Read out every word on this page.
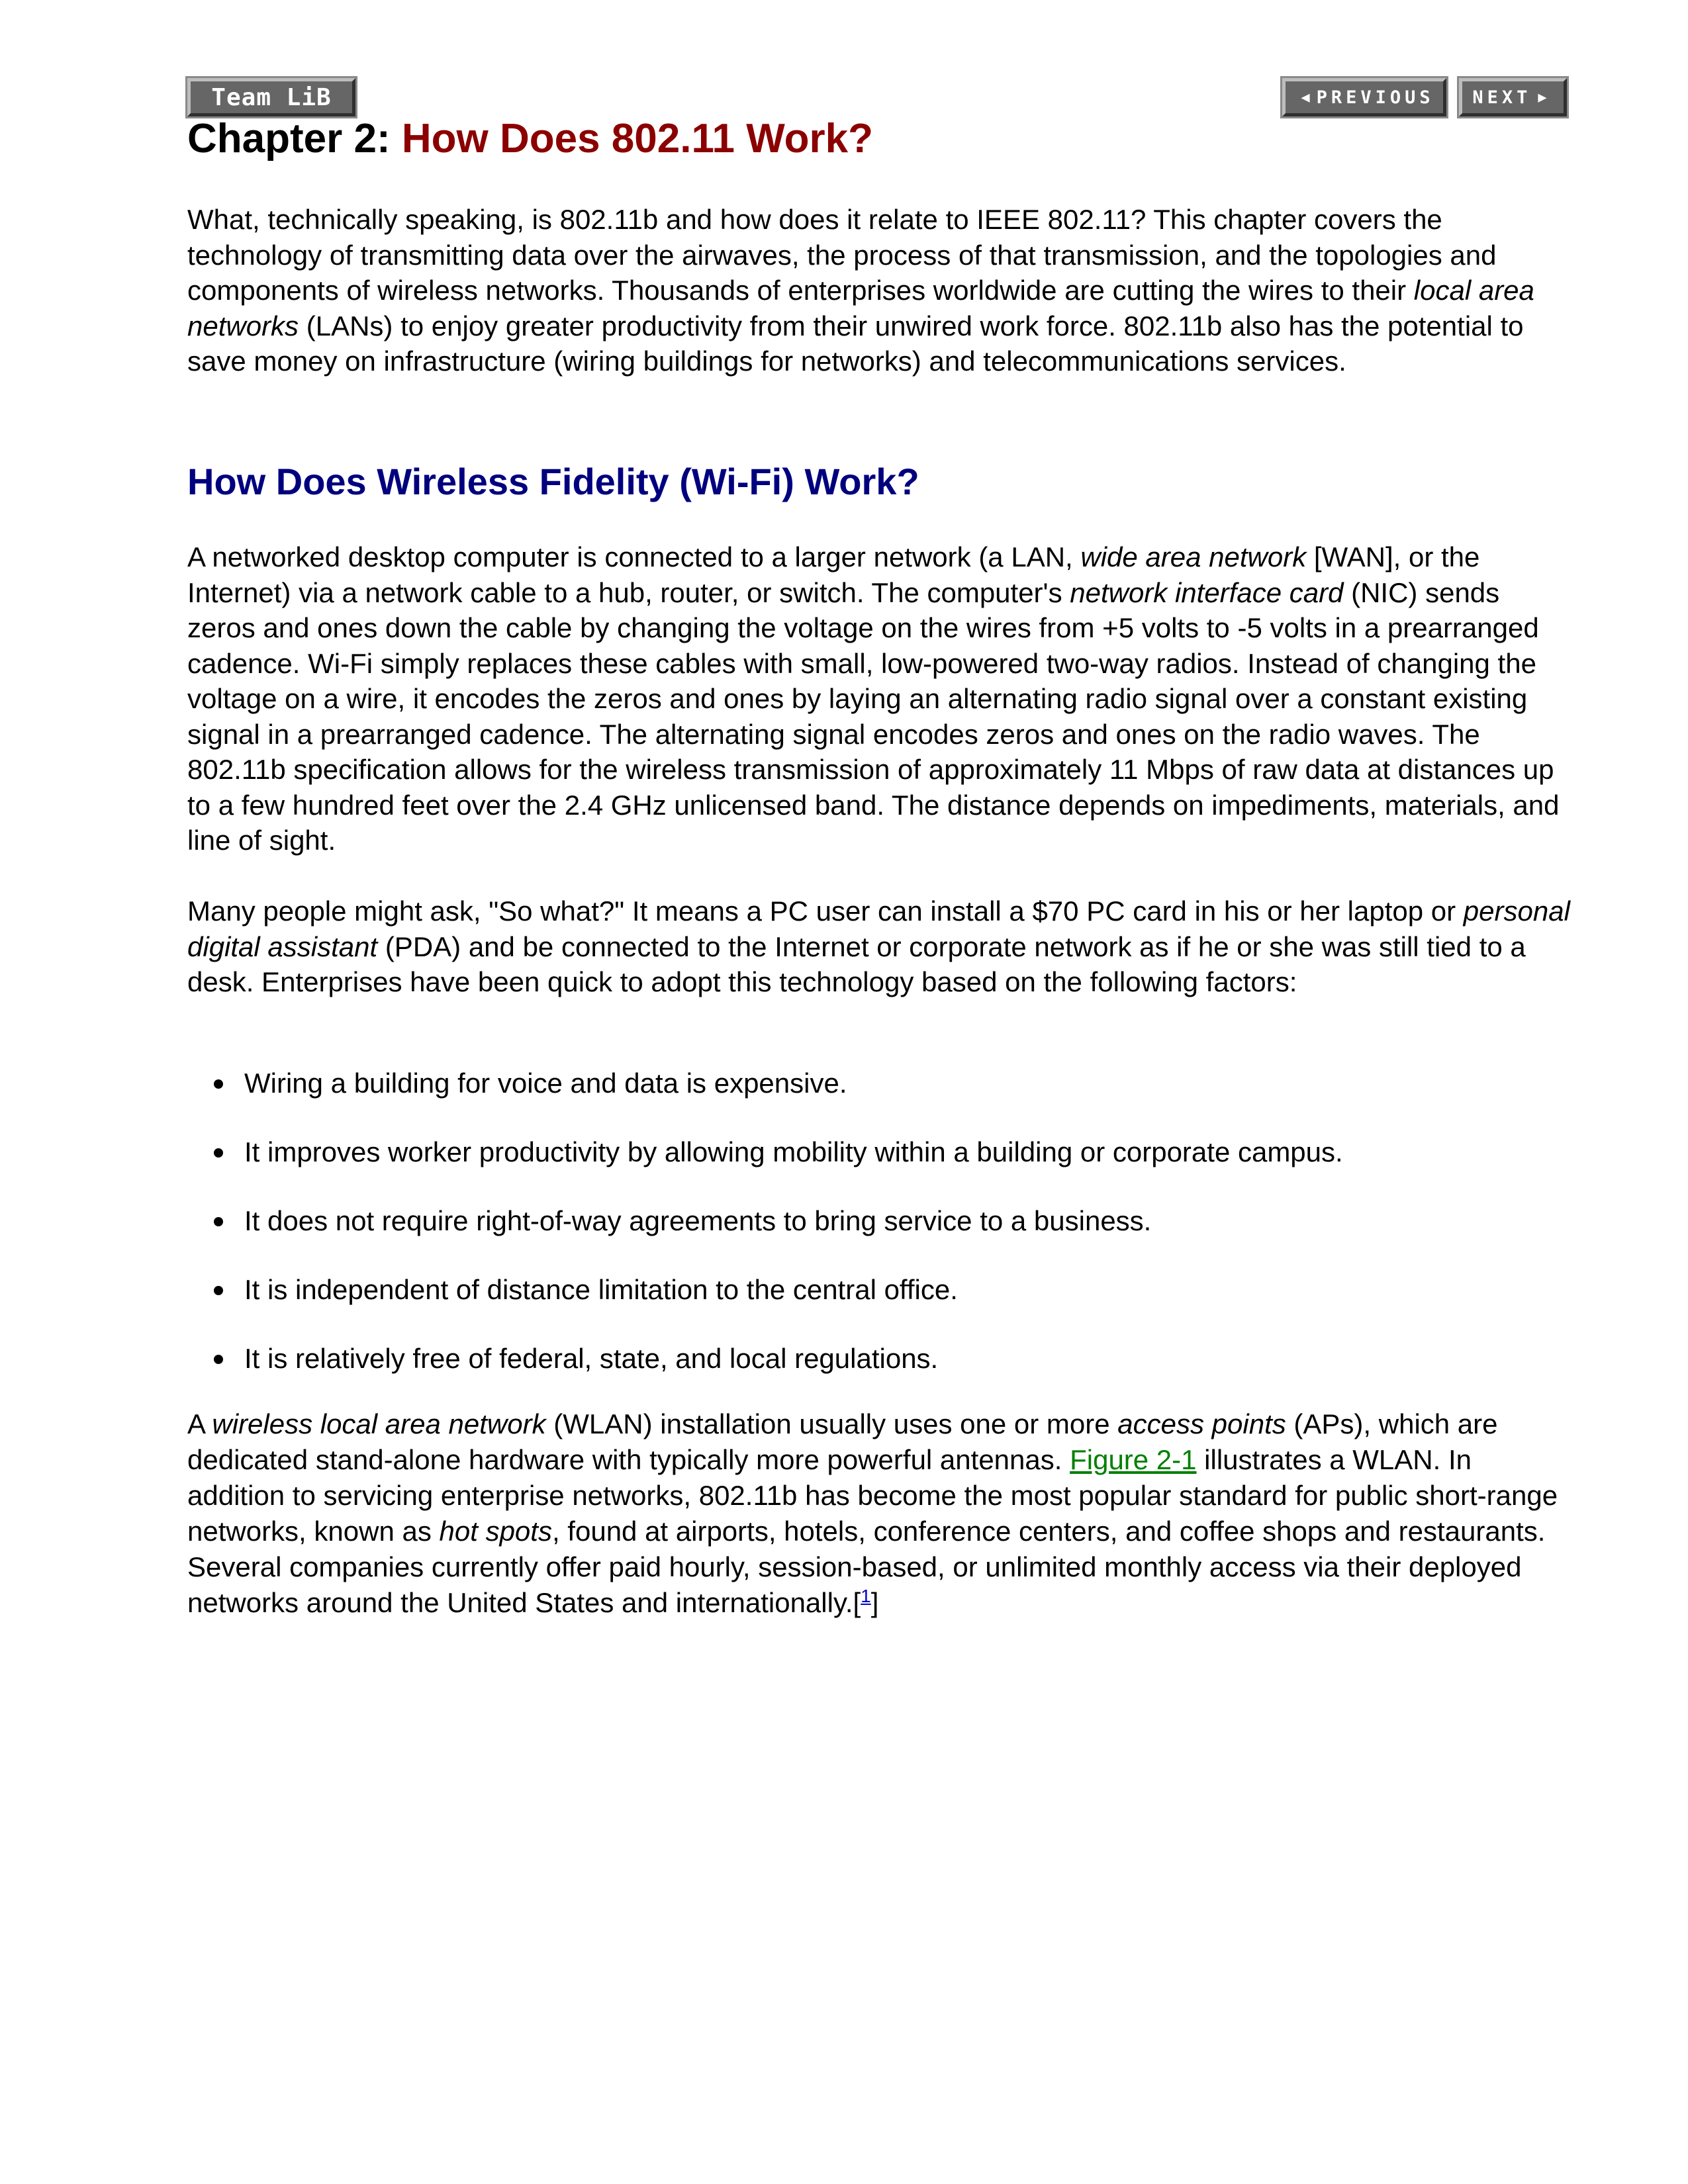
Team LiB	◀ PREVIOUS NEXT ▶
Chapter 2: How Does 802.11 Work?

What, technically speaking, is 802.11b and how does it relate to IEEE 802.11? This chapter covers the technology of transmitting data over the airwaves, the process of that transmission, and the topologies and components of wireless networks. Thousands of enterprises worldwide are cutting the wires to their local area networks (LANs) to enjoy greater productivity from their unwired work force. 802.11b also has the potential to save money on infrastructure (wiring buildings for networks) and telecommunications services.

How Does Wireless Fidelity (Wi-Fi) Work?

A networked desktop computer is connected to a larger network (a LAN, wide area network [WAN], or the Internet) via a network cable to a hub, router, or switch. The computer's network interface card (NIC) sends zeros and ones down the cable by changing the voltage on the wires from +5 volts to -5 volts in a prearranged cadence. Wi-Fi simply replaces these cables with small, low-powered two-way radios. Instead of changing the voltage on a wire, it encodes the zeros and ones by laying an alternating radio signal over a constant existing signal in a prearranged cadence. The alternating signal encodes zeros and ones on the radio waves. The 802.11b specification allows for the wireless transmission of approximately 11 Mbps of raw data at distances up to a few hundred feet over the 2.4 GHz unlicensed band. The distance depends on impediments, materials, and line of sight.

Many people might ask, "So what?" It means a PC user can install a $70 PC card in his or her laptop or personal digital assistant (PDA) and be connected to the Internet or corporate network as if he or she was still tied to a desk. Enterprises have been quick to adopt this technology based on the following factors:

Wiring a building for voice and data is expensive.
It improves worker productivity by allowing mobility within a building or corporate campus.
It does not require right-of-way agreements to bring service to a business.
It is independent of distance limitation to the central office.
It is relatively free of federal, state, and local regulations.

A wireless local area network (WLAN) installation usually uses one or more access points (APs), which are dedicated stand-alone hardware with typically more powerful antennas. Figure 2-1 illustrates a WLAN. In addition to servicing enterprise networks, 802.11b has become the most popular standard for public short-range networks, known as hot spots, found at airports, hotels, conference centers, and coffee shops and restaurants. Several companies currently offer paid hourly, session-based, or unlimited monthly access via their deployed networks around the United States and internationally.[$^1$]
